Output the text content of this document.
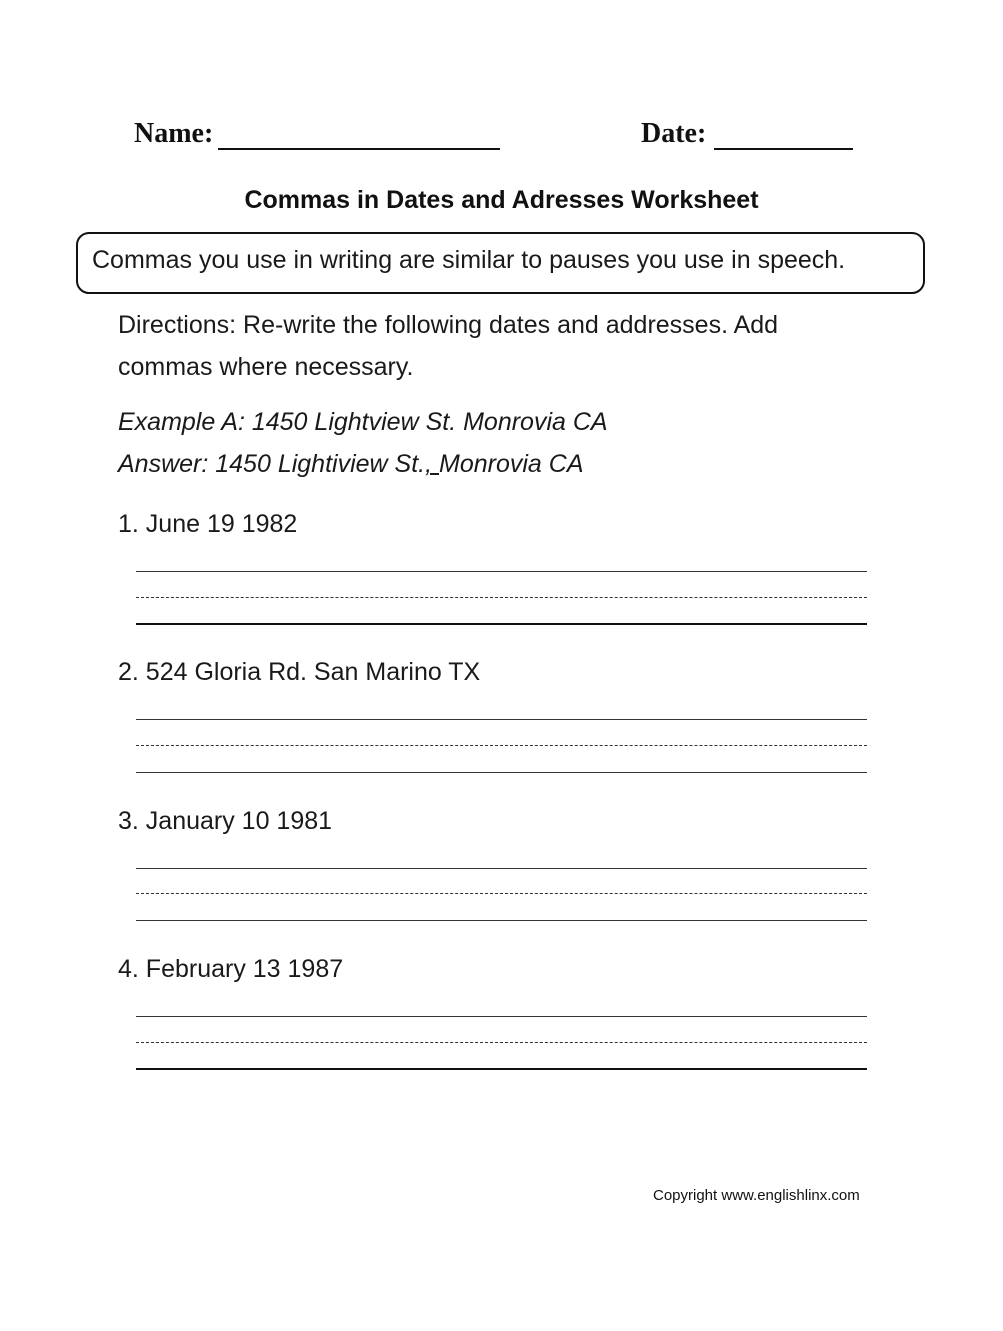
Name:	Date:
Commas in Dates and Adresses Worksheet
Commas you use in writing are similar to pauses you use in speech.
Directions: Re-write the following dates and addresses. Add commas where necessary.
Example A: 1450 Lightview St. Monrovia CA
Answer: 1450 Lightiview St., Monrovia CA
1. June 19 1982
2. 524 Gloria Rd. San Marino TX
3. January 10 1981
4. February 13 1987
Copyright www.englishlinx.com
